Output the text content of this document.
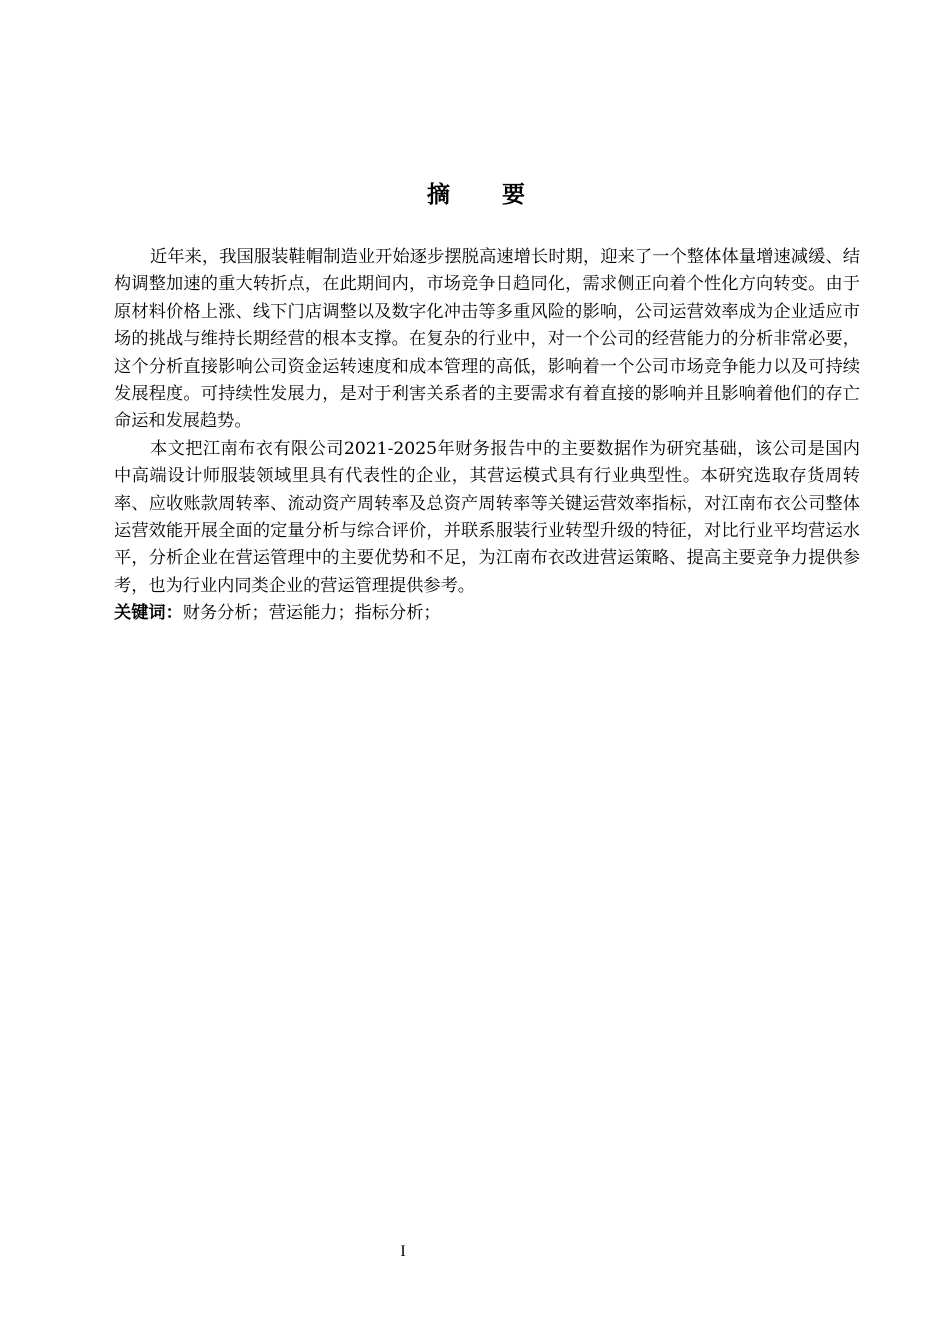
摘 要

近年来，我国服装鞋帽制造业开始逐步摆脱高速增长时期，迎来了一个整体体量增速减缓、结构调整加速的重大转折点，在此期间内，市场竞争日趋同化，需求侧正向着个性化方向转变。由于原材料价格上涨、线下门店调整以及数字化冲击等多重风险的影响，公司运营效率成为企业适应市场的挑战与维持长期经营的根本支撑。在复杂的行业中，对一个公司的经营能力的分析非常必要，这个分析直接影响公司资金运转速度和成本管理的高低，影响着一个公司市场竞争能力以及可持续发展程度。可持续性发展力，是对于利害关系者的主要需求有着直接的影响并且影响着他们的存亡命运和发展趋势。

本文把江南布衣有限公司2021-2025年财务报告中的主要数据作为研究基础，该公司是国内中高端设计师服装领域里具有代表性的企业，其营运模式具有行业典型性。本研究选取存货周转率、应收账款周转率、流动资产周转率及总资产周转率等关键运营效率指标，对江南布衣公司整体运营效能开展全面的定量分析与综合评价，并联系服装行业转型升级的特征，对比行业平均营运水平，分析企业在营运管理中的主要优势和不足，为江南布衣改进营运策略、提高主要竞争力提供参考，也为行业内同类企业的营运管理提供参考。

关键词：财务分析；营运能力；指标分析；

I
